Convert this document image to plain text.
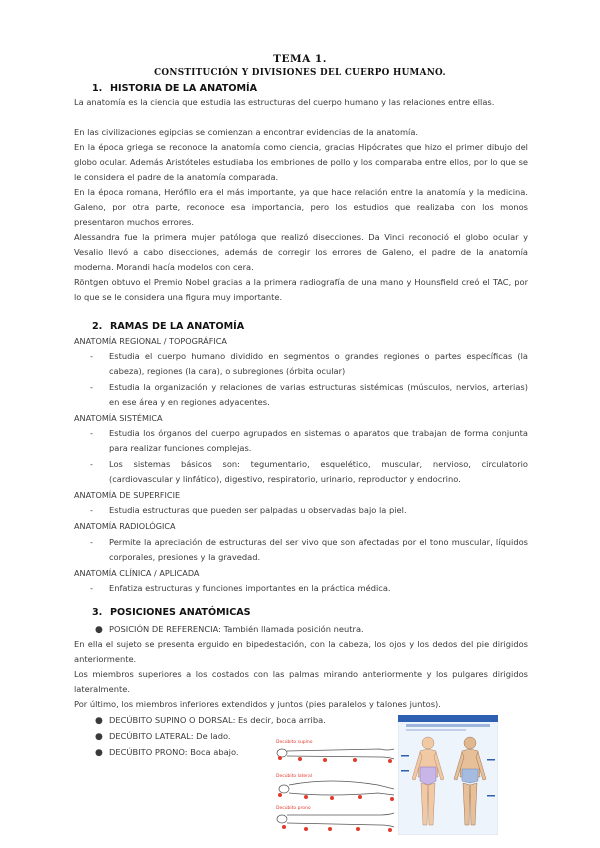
TEMA 1.
CONSTITUCIÓN Y DIVISIONES DEL CUERPO HUMANO.
1. HISTORIA DE LA ANATOMÍA
La anatomía es la ciencia que estudia las estructuras del cuerpo humano y las relaciones entre ellas.
En las civilizaciones egipcias se comienzan a encontrar evidencias de la anatomía.
En la época griega se reconoce la anatomía como ciencia, gracias Hipócrates que hizo el primer dibujo del globo ocular. Además Aristóteles estudiaba los embriones de pollo y los comparaba entre ellos, por lo que se le considera el padre de la anatomía comparada.
En la época romana, Herófilo era el más importante, ya que hace relación entre la anatomía y la medicina. Galeno, por otra parte, reconoce esa importancia, pero los estudios que realizaba con los monos presentaron muchos errores.
Alessandra fue la primera mujer patóloga que realizó disecciones. Da Vinci reconoció el globo ocular y Vesalio llevó a cabo disecciones, además de corregir los errores de Galeno, el padre de la anatomía moderna. Morandi hacía modelos con cera.
Röntgen obtuvo el Premio Nobel gracias a la primera radiografía de una mano y Hounsfield creó el TAC, por lo que se le considera una figura muy importante.
2. RAMAS DE LA ANATOMÍA
ANATOMÍA REGIONAL / TOPOGRÁFICA
- Estudia el cuerpo humano dividido en segmentos o grandes regiones o partes específicas (la cabeza), regiones (la cara), o subregiones (órbita ocular)
- Estudia la organización y relaciones de varias estructuras sistémicas (músculos, nervios, arterias) en ese área y en regiones adyacentes.
ANATOMÍA SISTÉMICA
- Estudia los órganos del cuerpo agrupados en sistemas o aparatos que trabajan de forma conjunta para realizar funciones complejas.
- Los sistemas básicos son: tegumentario, esquelético, muscular, nervioso, circulatorio (cardiovascular y linfático), digestivo, respiratorio, urinario, reproductor y endocrino.
ANATOMÍA DE SUPERFICIE
- Estudia estructuras que pueden ser palpadas u observadas bajo la piel.
ANATOMÍA RADIOLÓGICA
- Permite la apreciación de estructuras del ser vivo que son afectadas por el tono muscular, líquidos corporales, presiones y la gravedad.
ANATOMÍA CLÍNICA / APLICADA
- Enfatiza estructuras y funciones importantes en la práctica médica.
3. POSICIONES ANATÓMICAS
● POSICIÓN DE REFERENCIA: También llamada posición neutra.
En ella el sujeto se presenta erguido en bipedestación, con la cabeza, los ojos y los dedos del pie dirigidos anteriormente.
Los miembros superiores a los costados con las palmas mirando anteriormente y los pulgares dirigidos lateralmente.
Por último, los miembros inferiores extendidos y juntos (pies paralelos y talones juntos).
● DECÚBITO SUPINO O DORSAL: Es decir, boca arriba.
● DECÚBITO LATERAL: De lado.
● DECÚBITO PRONO: Boca abajo.
Decúbito supino
Decúbito lateral
Decúbito prono
